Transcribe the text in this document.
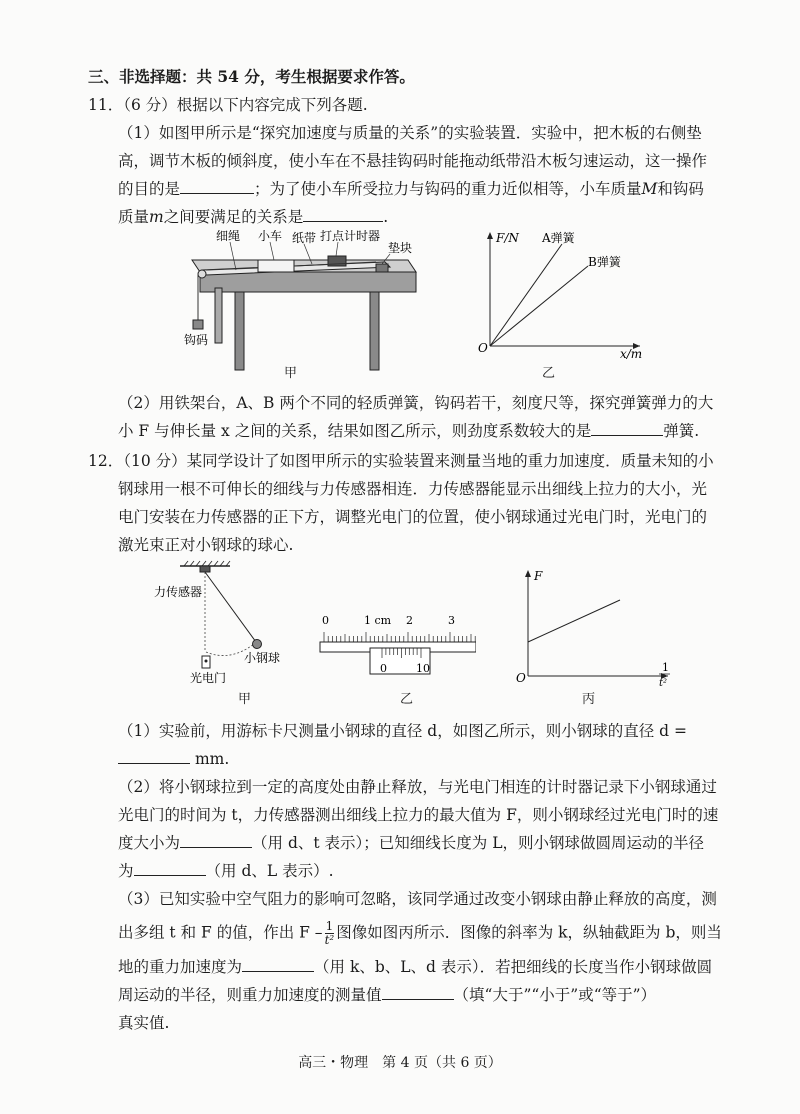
三、非选择题：共 54 分，考生根据要求作答。
11．（6 分）根据以下内容完成下列各题.
（1）如图甲所示是“探究加速度与质量的关系”的实验装置．实验中，把木板的右侧垫
高，调节木板的倾斜度，使小车在不悬挂钩码时能拖动纸带沿木板匀速运动，这一操作
的目的是	；为了使小车所受拉力与钩码的重力近似相等，小车质量M和钩码
质量m之间要满足的关系是	.
细绳 小车 纸带 打点计时器
垫块
钩码
甲
F/N A弹簧
B弹簧
O	x/m
乙
（2）用铁架台，A、B 两个不同的轻质弹簧，钩码若干，刻度尺等，探究弹簧弹力的大
小 F 与伸长量 x 之间的关系，结果如图乙所示，则劲度系数较大的是	弹簧.
12．（10 分）某同学设计了如图甲所示的实验装置来测量当地的重力加速度．质量未知的小
钢球用一根不可伸长的细线与力传感器相连．力传感器能显示出细线上拉力的大小，光
电门安装在力传感器的正下方，调整光电门的位置，使小钢球通过光电门时，光电门的
激光束正对小钢球的球心.
力传感器
小钢球
光电门
甲
0	1 cm 2	3
0	10
乙
F
O
1
t²
丙
（1）实验前，用游标卡尺测量小钢球的直径 d，如图乙所示，则小钢球的直径 d =
mm.
（2）将小钢球拉到一定的高度处由静止释放，与光电门相连的计时器记录下小钢球通过
光电门的时间为 t，力传感器测出细线上拉力的最大值为 F，则小钢球经过光电门时的速
度大小为	（用 d、t 表示）；已知细线长度为 L，则小钢球做圆周运动的半径
为	（用 d、L 表示）.
（3）已知实验中空气阻力的影响可忽略，该同学通过改变小钢球由静止释放的高度，测
出多组 t 和 F 的值，作出 F – $\frac{1}{\text{t²}}$ 图像如图丙所示．图像的斜率为 k，纵轴截距为 b，则当
地的重力加速度为	（用 k、b、L、d 表示）．若把细线的长度当作小钢球做圆
周运动的半径，则重力加速度的测量值	（填“大于”“小于”或“等于”）
真实值.
高三・物理　第 4 页（共 6 页）
